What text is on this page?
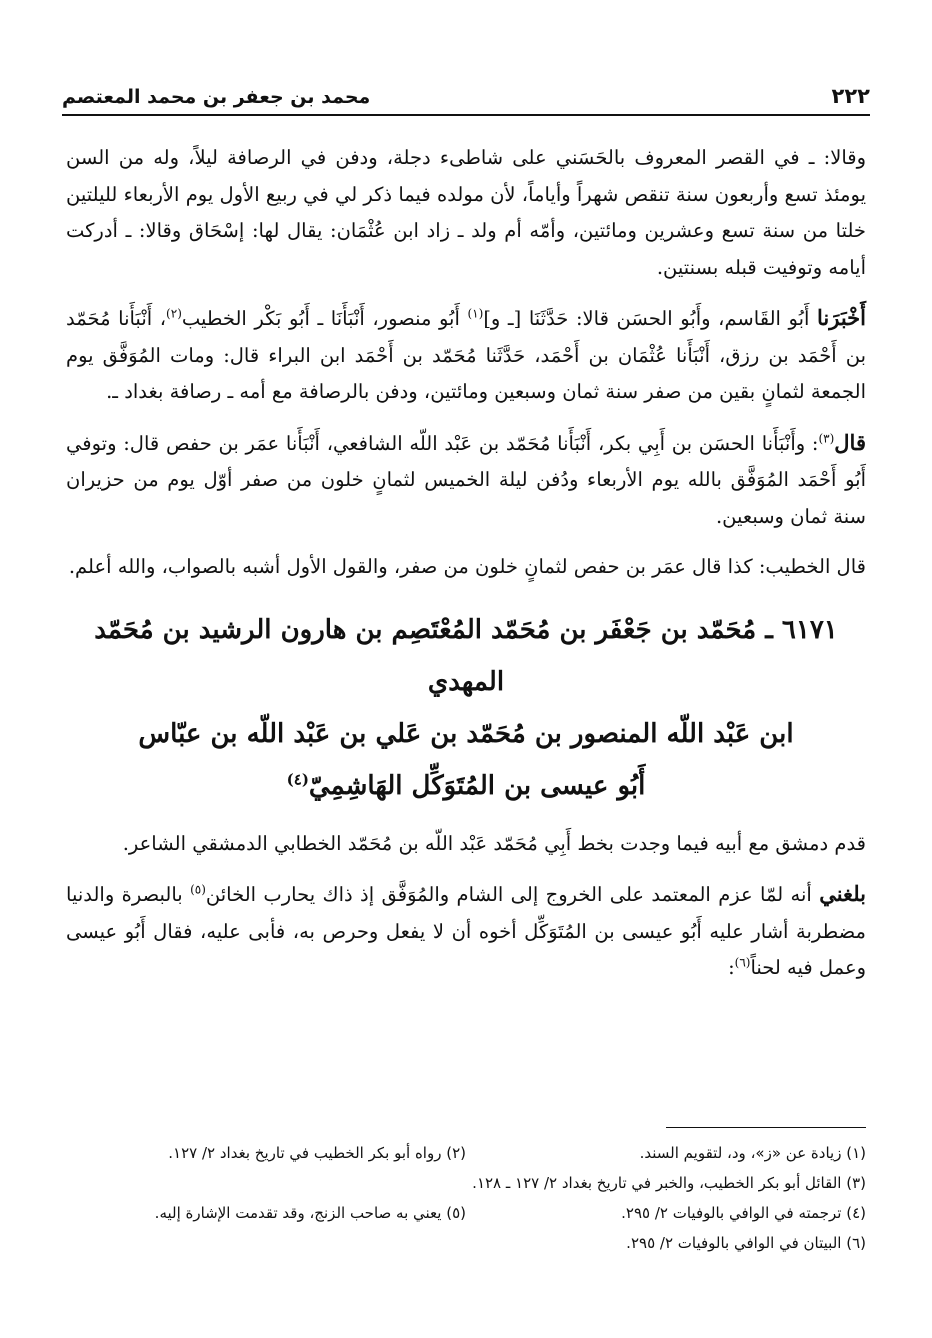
٢٢٢
محمد بن جعفر بن محمد المعتصم

وقالا: ـ في القصر المعروف بالحَسَني على شاطىء دجلة، ودفن في الرصافة ليلاً، وله من السن يومئذ تسع وأربعون سنة تنقص شهراً وأياماً، لأن مولده فيما ذكر لي في ربيع الأول يوم الأربعاء لليلتين خلتا من سنة تسع وعشرين ومائتين، وأمّه أم ولد ـ زاد ابن عُثْمَان: يقال لها: إسْحَاق وقالا: ـ أدركت أيامه وتوفيت قبله بسنتين.

أَخْبَرَنا أَبُو القَاسم، وأَبُو الحسَن قالا: حَدَّثَنَا [ـ و]$^{(١)}$ أَبُو منصور، أَنْبَأَنَا ـ أَبُو بَكْر الخطيب$^{(٢)}$، أَنْبَأَنا مُحَمّد بن أَحْمَد بن رزق، أَنْبَأَنا عُثْمَان بن أَحْمَد، حَدَّثَنا مُحَمّد بن أَحْمَد ابن البراء قال: ومات المُوَفَّق يوم الجمعة لثمانٍ بقين من صفر سنة ثمان وسبعين ومائتين، ودفن بالرصافة مع أمه ـ رصافة بغداد ـ.

قال$^{(٣)}$: وأَنْبَأَنا الحسَن بن أَبِي بكر، أَنْبَأَنا مُحَمّد بن عَبْد اللّه الشافعي، أَنْبَأَنا عمَر بن حفص قال: وتوفي أَبُو أَحْمَد المُوَفَّق بالله يوم الأربعاء ودُفن ليلة الخميس لثمانٍ خلون من صفر أوّل يوم من حزيران سنة ثمان وسبعين.

قال الخطيب: كذا قال عمَر بن حفص لثمانٍ خلون من صفر، والقول الأول أشبه بالصواب، والله أعلم.

٦١٧١ ـ مُحَمّد بن جَعْفَر بن مُحَمّد المُعْتَصِم بن هارون الرشيد بن مُحَمّد المهدي
ابن عَبْد اللّه المنصور بن مُحَمّد بن عَلي بن عَبْد اللّه بن عبّاس
أَبُو عيسى بن المُتَوَكِّل الهَاشِمِيّ$^{(٤)}$

قدم دمشق مع أبيه فيما وجدت بخط أَبِي مُحَمّد عَبْد اللّه بن مُحَمّد الخطابي الدمشقي الشاعر.

بلغني أنه لمّا عزم المعتمد على الخروج إلى الشام والمُوَفَّق إذ ذاك يحارب الخائن$^{(٥)}$ بالبصرة والدنيا مضطربة أشار عليه أَبُو عيسى بن المُتَوَكِّل أخوه أن لا يفعل وحرص به، فأبى عليه، فقال أَبُو عيسى وعمل فيه لحناً$^{(٦)}$:

(١) زيادة عن «ز»، ود، لتقويم السند.
(٢) رواه أبو بكر الخطيب في تاريخ بغداد ٢/ ١٢٧.
(٣) القائل أبو بكر الخطيب، والخبر في تاريخ بغداد ٢/ ١٢٧ ـ ١٢٨.
(٤) ترجمته في الوافي بالوفيات ٢/ ٢٩٥.
(٥) يعني به صاحب الزنج، وقد تقدمت الإشارة إليه.
(٦) البيتان في الوافي بالوفيات ٢/ ٢٩٥.
